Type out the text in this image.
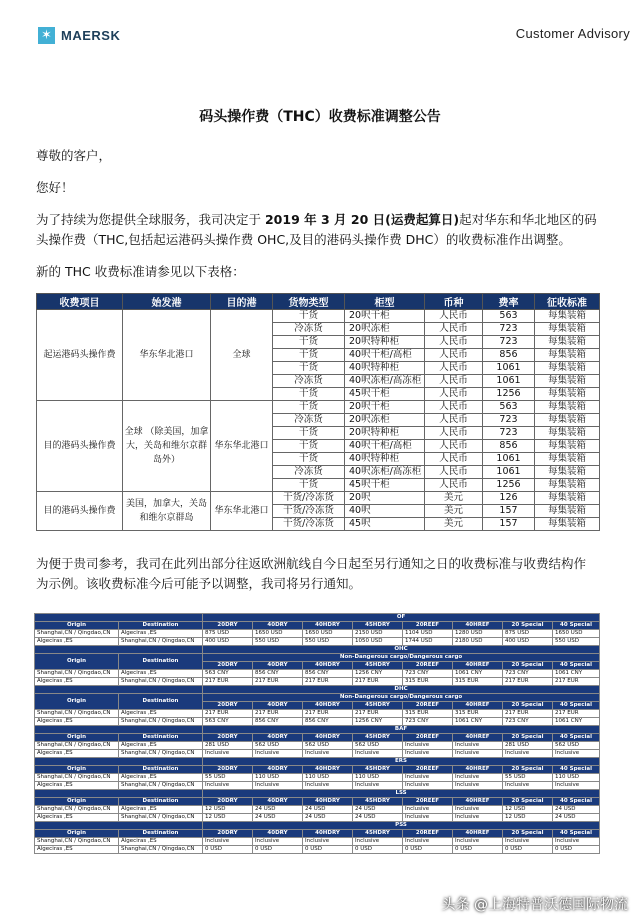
✶ MAERSK	Customer Advisory
码头操作费（THC）收费标准调整公告
尊敬的客户，
您好！
为了持续为您提供全球服务，我司决定于 2019 年 3 月 20 日(运费起算日)起对华东和华北地区的码
头操作费（THC,包括起运港码头操作费 OHC,及目的港码头操作费 DHC）的收费标准作出调整。
新的 THC 收费标准请参见以下表格：
收费项目	始发港	目的港	货物类型	柜型	币种	费率	征收标准
起运港码头操作费	华东华北港口	全球	干货	20呎干柜	人民币	563	每集装箱
			冷冻货	20呎冻柜	人民币	723	每集装箱
			干货	20呎特种柜	人民币	723	每集装箱
			干货	40呎干柜/高柜	人民币	856	每集装箱
			干货	40呎特种柜	人民币	1061	每集装箱
			冷冻货	40呎冻柜/高冻柜	人民币	1061	每集装箱
			干货	45呎干柜	人民币	1256	每集装箱
目的港码头操作费	全球 （除美国，加拿大，关岛和维尔京群岛外）	华东华北港口	干货	20呎干柜	人民币	563	每集装箱
			冷冻货	20呎冻柜	人民币	723	每集装箱
			干货	20呎特种柜	人民币	723	每集装箱
			干货	40呎干柜/高柜	人民币	856	每集装箱
			干货	40呎特种柜	人民币	1061	每集装箱
			冷冻货	40呎冻柜/高冻柜	人民币	1061	每集装箱
			干货	45呎干柜	人民币	1256	每集装箱
目的港码头操作费	美国，加拿大，关岛和维尔京群岛	华东华北港口	干货/冷冻货	20呎	美元	126	每集装箱
			干货/冷冻货	40呎	美元	157	每集装箱
			干货/冷冻货	45呎	美元	157	每集装箱
为便于贵司参考，我司在此列出部分往返欧洲航线自今日起至另行通知之日的收费标准与收费结构作
为示例。该收费标准今后可能予以调整，我司将另行通知。
		OF							
Origin	Destination	20DRY	40DRY	40HDRY	45HDRY	20REEF	40HREF	20 Special	40 Special
Shanghai,CN / Qingdao,CN	Algeciras ,ES	875 USD	1650 USD	1650 USD	2150 USD	1104 USD	1280 USD	875 USD	1650 USD
Algeciras ,ES	Shanghai,CN / Qingdao,CN	400 USD	550 USD	550 USD	1050 USD	1744 USD	2180 USD	400 USD	550 USD
		OHC							
Origin	Destination	Non-Dangerous cargo/Dangerous cargo							
		20DRY	40DRY	40HDRY	45HDRY	20REEF	40HREF	20 Special	40 Special
Shanghai,CN / Qingdao,CN	Algeciras ,ES	563 CNY	856 CNY	856 CNY	1256 CNY	723 CNY	1061 CNY	723 CNY	1061 CNY
Algeciras ,ES	Shanghai,CN / Qingdao,CN	217 EUR	217 EUR	217 EUR	217 EUR	315 EUR	315 EUR	217 EUR	217 EUR
		DHC							
Origin	Destination	Non-Dangerous cargo/Dangerous cargo							
		20DRY	40DRY	40HDRY	45HDRY	20REEF	40HREF	20 Special	40 Special
Shanghai,CN / Qingdao,CN	Algeciras ,ES	217 EUR	217 EUR	217 EUR	217 EUR	315 EUR	315 EUR	217 EUR	217 EUR
Algeciras ,ES	Shanghai,CN / Qingdao,CN	563 CNY	856 CNY	856 CNY	1256 CNY	723 CNY	1061 CNY	723 CNY	1061 CNY
		BAF							
Origin	Destination	20DRY	40DRY	40HDRY	45HDRY	20REEF	40HREF	20 Special	40 Special
Shanghai,CN / Qingdao,CN	Algeciras ,ES	281 USD	562 USD	562 USD	562 USD	Inclusive	Inclusive	281 USD	562 USD
Algeciras ,ES	Shanghai,CN / Qingdao,CN	Inclusive	Inclusive	Inclusive	Inclusive	Inclusive	Inclusive	Inclusive	Inclusive
		ERS							
Origin	Destination	20DRY	40DRY	40HDRY	45HDRY	20REEF	40HREF	20 Special	40 Special
Shanghai,CN / Qingdao,CN	Algeciras ,ES	55 USD	110 USD	110 USD	110 USD	Inclusive	Inclusive	55 USD	110 USD
Algeciras ,ES	Shanghai,CN / Qingdao,CN	Inclusive	Inclusive	Inclusive	Inclusive	Inclusive	Inclusive	Inclusive	Inclusive
		LSS							
Origin	Destination	20DRY	40DRY	40HDRY	45HDRY	20REEF	40HREF	20 Special	40 Special
Shanghai,CN / Qingdao,CN	Algeciras ,ES	12 USD	24 USD	24 USD	24 USD	Inclusive	Inclusive	12 USD	24 USD
Algeciras ,ES	Shanghai,CN / Qingdao,CN	12 USD	24 USD	24 USD	24 USD	Inclusive	Inclusive	12 USD	24 USD
		PSS							
Origin	Destination	20DRY	40DRY	40HDRY	45HDRY	20REEF	40HREF	20 Special	40 Special
Shanghai,CN / Qingdao,CN	Algeciras ,ES	Inclusive	Inclusive	Inclusive	Inclusive	Inclusive	Inclusive	Inclusive	Inclusive
Algeciras ,ES	Shanghai,CN / Qingdao,CN	0 USD	0 USD	0 USD	0 USD	0 USD	0 USD	0 USD	0 USD
头条 @上海特普沃德国际物流
